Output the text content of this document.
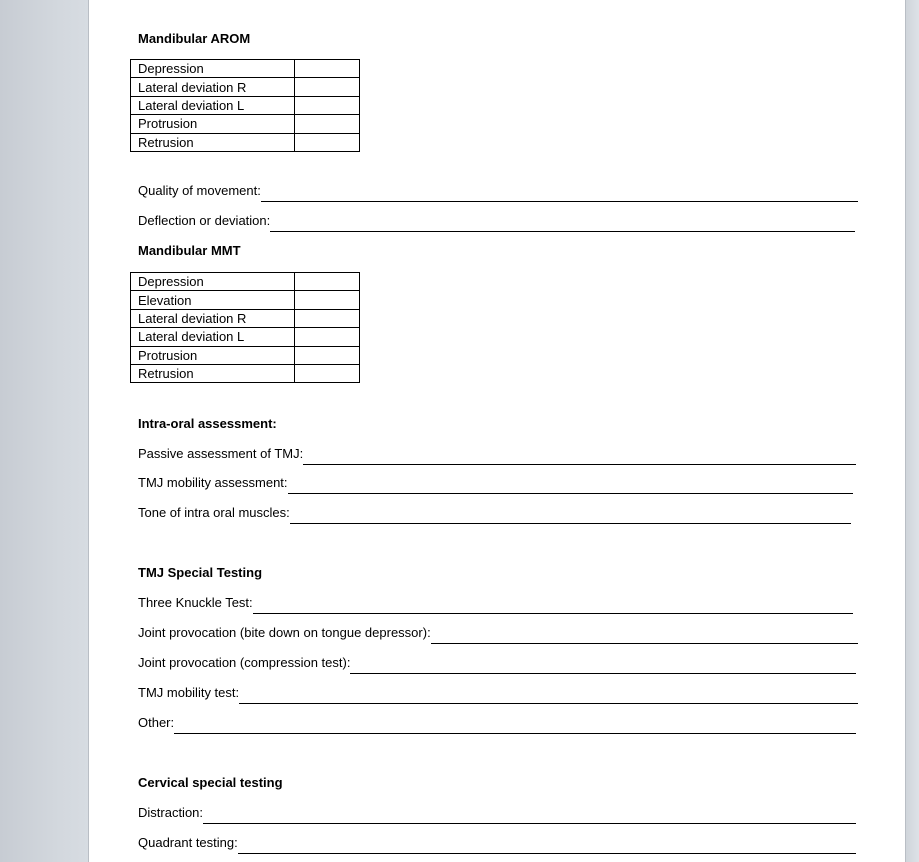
Mandibular AROM
Depression	
Lateral deviation R	
Lateral deviation L	
Protrusion	
Retrusion	
Quality of movement:
Deflection or deviation:
Mandibular MMT
Depression	
Elevation	
Lateral deviation R	
Lateral deviation L	
Protrusion	
Retrusion	
Intra-oral assessment:
Passive assessment of TMJ:
TMJ mobility assessment:
Tone of intra oral muscles:
TMJ Special Testing
Three Knuckle Test:
Joint provocation (bite down on tongue depressor):
Joint provocation (compression test):
TMJ mobility test:
Other:
Cervical special testing
Distraction:
Quadrant testing:
